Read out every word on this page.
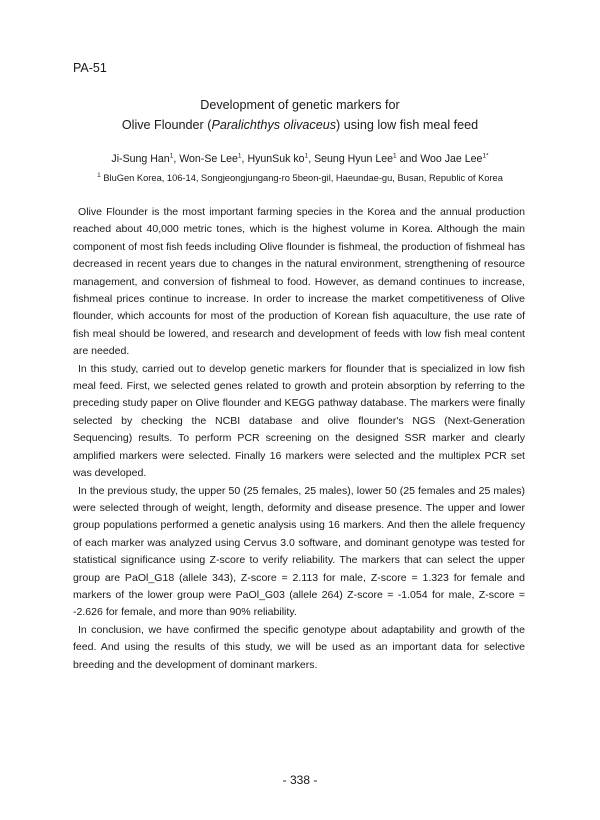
PA-51
Development of genetic markers for
Olive Flounder (Paralichthys olivaceus) using low fish meal feed
Ji-Sung Han$^1$, Won-Se Lee$^1$, HyunSuk $ko^1$, Seung Hyun Lee$^1$ and Woo Jae Lee$^{1*}$
$^1$ BluGen Korea, 106-14, Songjeongjungang-ro 5beon-gil, Haeundae-gu, Busan, Republic of Korea

Olive Flounder is the most important farming species in the Korea and the annual production reached about 40,000 metric tones, which is the highest volume in Korea. Although the main component of most fish feeds including Olive flounder is fishmeal, the production of fishmeal has decreased in recent years due to changes in the natural environment, strengthening of resource management, and conversion of fishmeal to food. However, as demand continues to increase, fishmeal prices continue to increase. In order to increase the market competitiveness of Olive flounder, which accounts for most of the production of Korean fish aquaculture, the use rate of fish meal should be lowered, and research and development of feeds with low fish meal content are needed.

In this study, carried out to develop genetic markers for flounder that is specialized in low fish meal feed. First, we selected genes related to growth and protein absorption by referring to the preceding study paper on Olive flounder and KEGG pathway database. The markers were finally selected by checking the NCBI database and olive flounder's NGS (Next-Generation Sequencing) results. To perform PCR screening on the designed SSR marker and clearly amplified markers were selected. Finally 16 markers were selected and the multiplex PCR set was developed.

In the previous study, the upper 50 (25 females, 25 males), lower 50 (25 females and 25 males) were selected through of weight, length, deformity and disease presence. The upper and lower group populations performed a genetic analysis using 16 markers. And then the allele frequency of each marker was analyzed using Cervus 3.0 software, and dominant genotype was tested for statistical significance using Z-score to verify reliability. The markers that can select the upper group are PaOl_G18 (allele 343), Z-score = 2.113 for male, Z-score = 1.323 for female and markers of the lower group were PaOl_G03 (allele 264) Z-score = -1.054 for male, Z-score = -2.626 for female, and more than 90% reliability.

In conclusion, we have confirmed the specific genotype about adaptability and growth of the feed. And using the results of this study, we will be used as an important data for selective breeding and the development of dominant markers.

- 338 -
